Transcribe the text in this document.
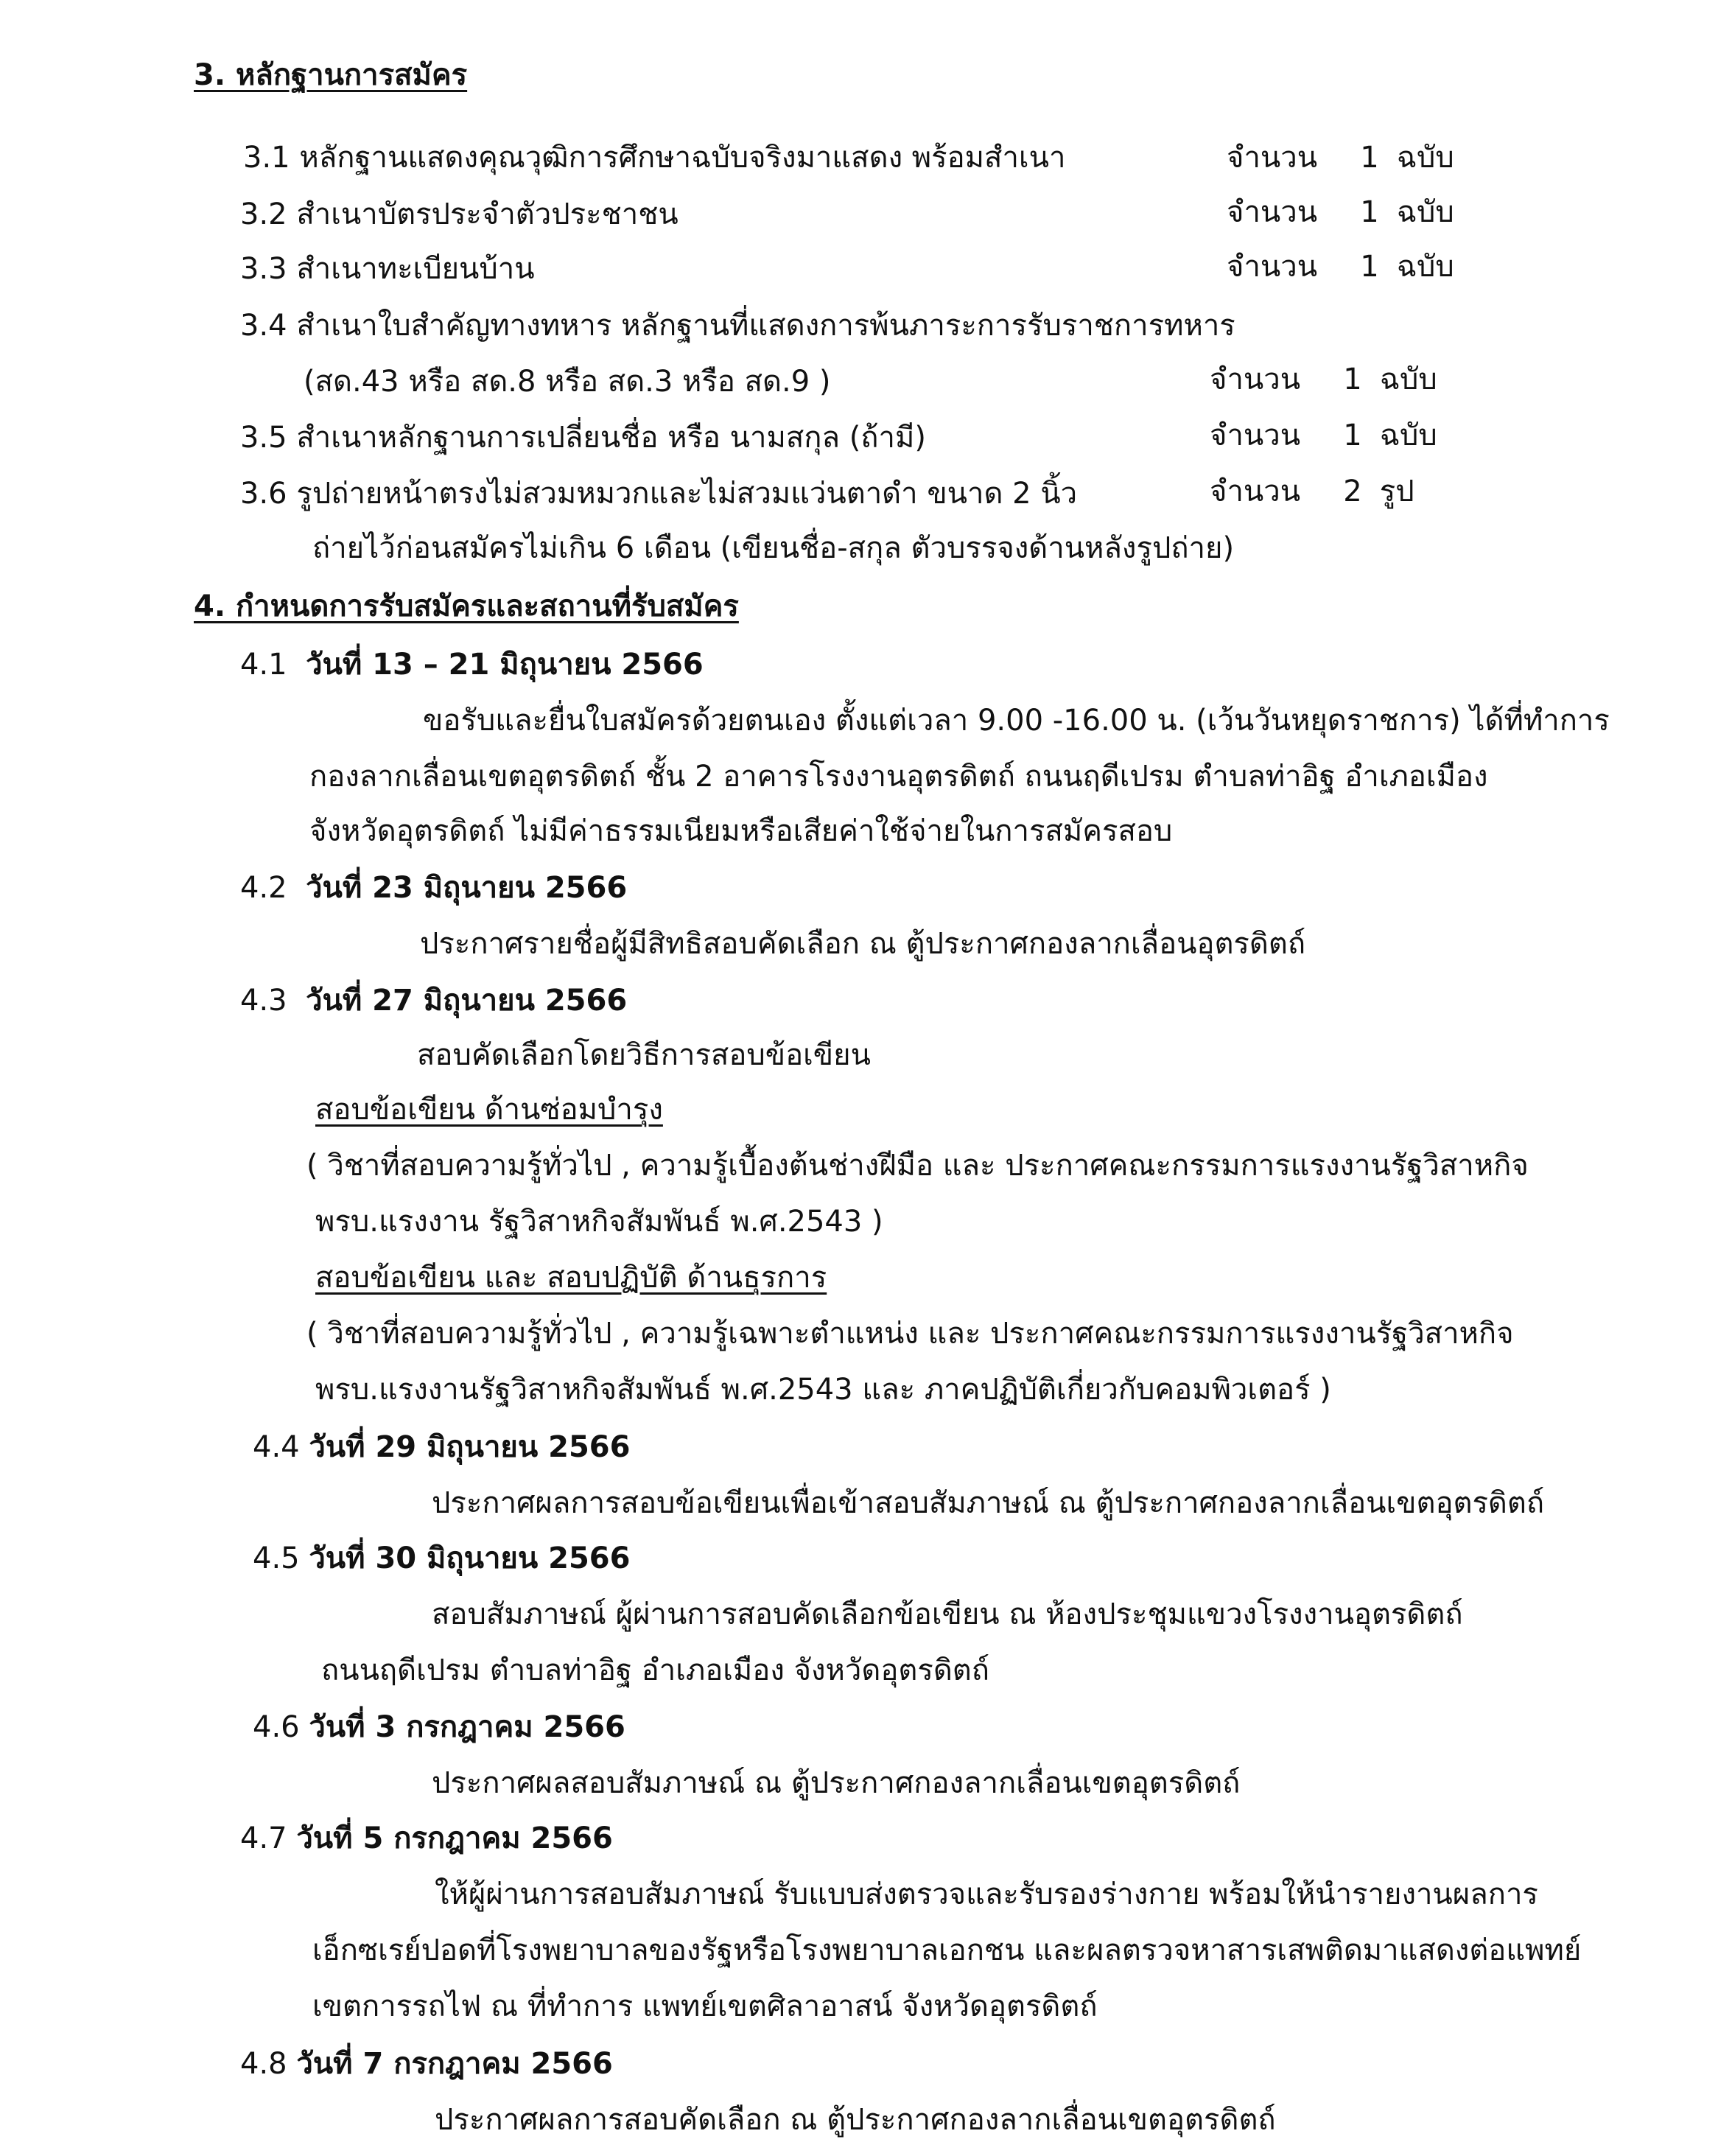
3. หลักฐานการสมัคร
3.1 หลักฐานแสดงคุณวุฒิการศึกษาฉบับจริงมาแสดง พร้อมสำเนา	จำนวน 1 ฉบับ
3.2 สำเนาบัตรประจำตัวประชาชน	จำนวน 1 ฉบับ
3.3 สำเนาทะเบียนบ้าน	จำนวน 1 ฉบับ
3.4 สำเนาใบสำคัญทางทหาร หลักฐานที่แสดงการพ้นภาระการรับราชการทหาร
(สด.43 หรือ สด.8 หรือ สด.3 หรือ สด.9 )	จำนวน 1 ฉบับ
3.5 สำเนาหลักฐานการเปลี่ยนชื่อ หรือ นามสกุล (ถ้ามี)	จำนวน 1 ฉบับ
3.6 รูปถ่ายหน้าตรงไม่สวมหมวกและไม่สวมแว่นตาดำ ขนาด 2 นิ้ว	จำนวน 2 รูป
ถ่ายไว้ก่อนสมัครไม่เกิน 6 เดือน (เขียนชื่อ-สกุล ตัวบรรจงด้านหลังรูปถ่าย)
4. กำหนดการรับสมัครและสถานที่รับสมัคร
4.1 วันที่ 13 – 21 มิถุนายน 2566
ขอรับและยื่นใบสมัครด้วยตนเอง ตั้งแต่เวลา 9.00 -16.00 น. (เว้นวันหยุดราชการ) ได้ที่ทำการ
กองลากเลื่อนเขตอุตรดิตถ์ ชั้น 2 อาคารโรงงานอุตรดิตถ์ ถนนฤดีเปรม ตำบลท่าอิฐ อำเภอเมือง
จังหวัดอุตรดิตถ์ ไม่มีค่าธรรมเนียมหรือเสียค่าใช้จ่ายในการสมัครสอบ
4.2 วันที่ 23 มิถุนายน 2566
ประกาศรายชื่อผู้มีสิทธิสอบคัดเลือก ณ ตู้ประกาศกองลากเลื่อนอุตรดิตถ์
4.3 วันที่ 27 มิถุนายน 2566
สอบคัดเลือกโดยวิธีการสอบข้อเขียน
สอบข้อเขียน ด้านซ่อมบำรุง
( วิชาที่สอบความรู้ทั่วไป , ความรู้เบื้องต้นช่างฝีมือ และ ประกาศคณะกรรมการแรงงานรัฐวิสาหกิจ
พรบ.แรงงาน รัฐวิสาหกิจสัมพันธ์ พ.ศ.2543 )
สอบข้อเขียน และ สอบปฏิบัติ ด้านธุรการ
( วิชาที่สอบความรู้ทั่วไป , ความรู้เฉพาะตำแหน่ง และ ประกาศคณะกรรมการแรงงานรัฐวิสาหกิจ
พรบ.แรงงานรัฐวิสาหกิจสัมพันธ์ พ.ศ.2543 และ ภาคปฏิบัติเกี่ยวกับคอมพิวเตอร์ )
4.4 วันที่ 29 มิถุนายน 2566
ประกาศผลการสอบข้อเขียนเพื่อเข้าสอบสัมภาษณ์ ณ ตู้ประกาศกองลากเลื่อนเขตอุตรดิตถ์
4.5 วันที่ 30 มิถุนายน 2566
สอบสัมภาษณ์ ผู้ผ่านการสอบคัดเลือกข้อเขียน ณ ห้องประชุมแขวงโรงงานอุตรดิตถ์
ถนนฤดีเปรม ตำบลท่าอิฐ อำเภอเมือง จังหวัดอุตรดิตถ์
4.6 วันที่ 3 กรกฎาคม 2566
ประกาศผลสอบสัมภาษณ์ ณ ตู้ประกาศกองลากเลื่อนเขตอุตรดิตถ์
4.7 วันที่ 5 กรกฎาคม 2566
ให้ผู้ผ่านการสอบสัมภาษณ์ รับแบบส่งตรวจและรับรองร่างกาย พร้อมให้นำรายงานผลการ
เอ็กซเรย์ปอดที่โรงพยาบาลของรัฐหรือโรงพยาบาลเอกชน และผลตรวจหาสารเสพติดมาแสดงต่อแพทย์
เขตการรถไฟ ณ ที่ทำการ แพทย์เขตศิลาอาสน์ จังหวัดอุตรดิตถ์
4.8 วันที่ 7 กรกฎาคม 2566
ประกาศผลการสอบคัดเลือก ณ ตู้ประกาศกองลากเลื่อนเขตอุตรดิตถ์
